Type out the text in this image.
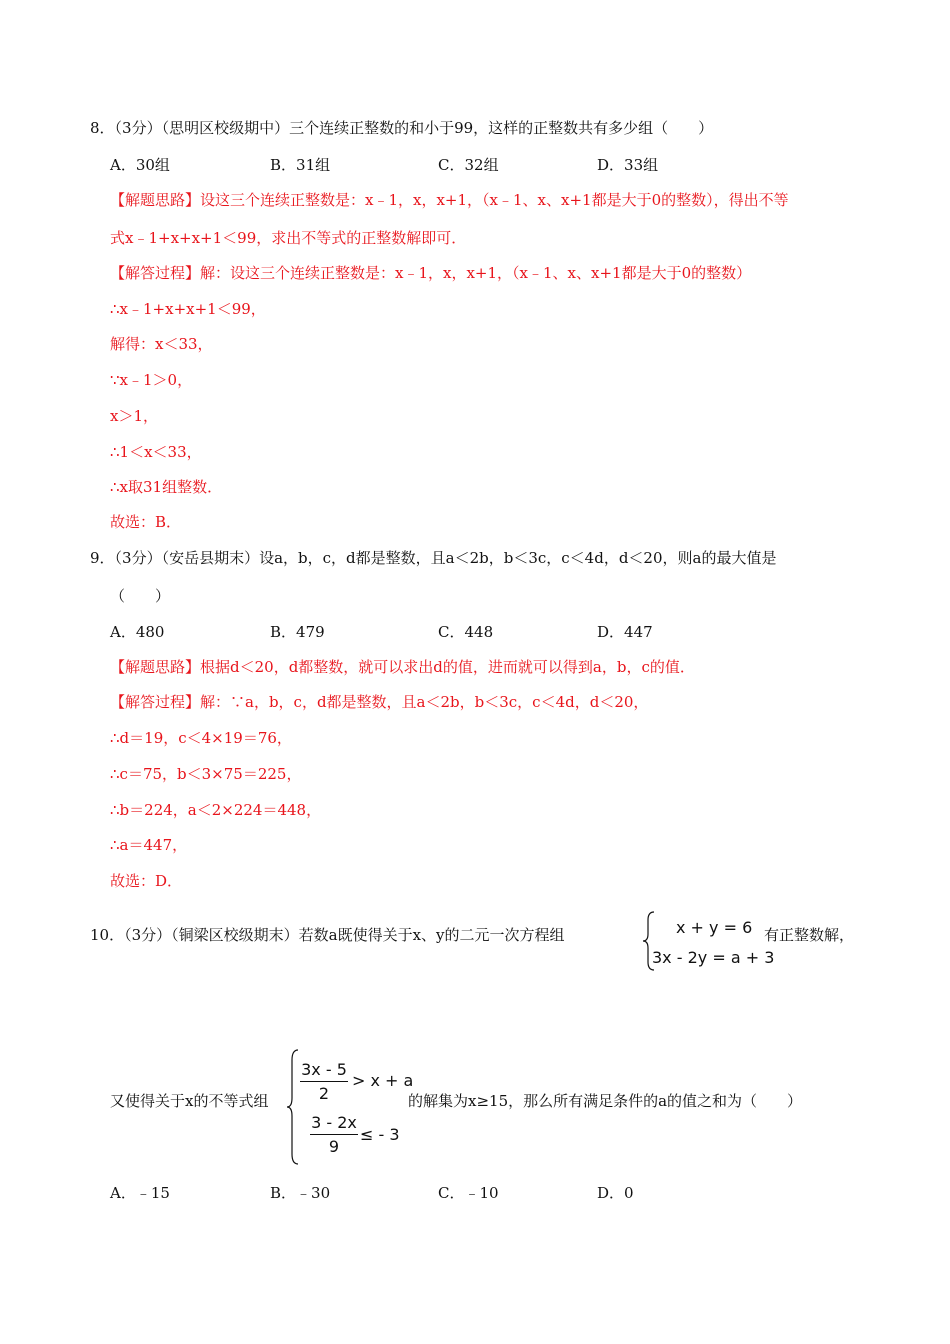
8．（3分）（思明区校级期中）三个连续正整数的和小于99，这样的正整数共有多少组（　　）
A．30组	B．31组	C．32组	D．33组
【解题思路】设这三个连续正整数是：x﹣1，x，x+1，（x﹣1、x、x+1都是大于0的整数），得出不等
式x﹣1+x+x+1＜99，求出不等式的正整数解即可．
【解答过程】解：设这三个连续正整数是：x﹣1，x，x+1，（x﹣1、x、x+1都是大于0的整数）
∴x﹣1+x+x+1＜99，
解得：x＜33，
∵x﹣1＞0，
x＞1，
∴1＜x＜33，
∴x取31组整数．
故选：B．
9．（3分）（安岳县期末）设a，b，c，d都是整数，且a＜2b，b＜3c，c＜4d，d＜20，则a的最大值是
（　　）
A．480	B．479	C．448	D．447
【解题思路】根据d＜20，d都整数，就可以求出d的值，进而就可以得到a，b，c的值．
【解答过程】解：∵a，b，c，d都是整数，且a＜2b，b＜3c，c＜4d，d＜20，
∴d＝19，c＜4×19＝76，
∴c＝75，b＜3×75＝225，
∴b＝224，a＜2×224＝448，
∴a＝447，
故选：D．
10．（3分）（铜梁区校级期末）若数a既使得关于x、y的二元一次方程组	x + y = 6
3x - 2y = a + 3
有正整数解，
又使得关于x的不等式组
3x - 5
2
> x + a
3 - 2x
9
≤ - 3
的解集为x≥15，那么所有满足条件的a的值之和为（　　）
A．﹣15	B．﹣30	C．﹣10	D．0
